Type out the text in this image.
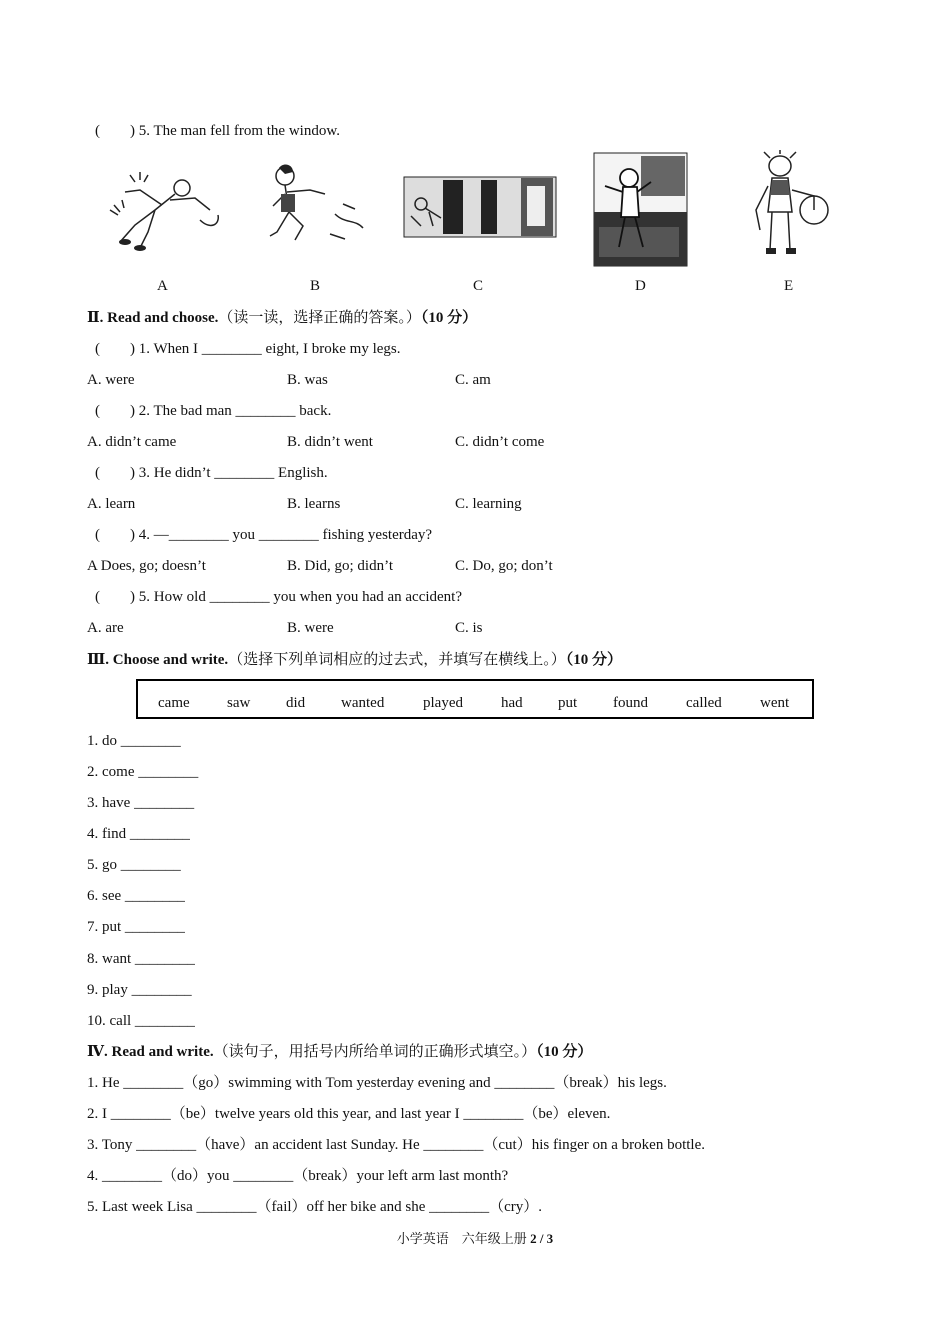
(　　) 5. The man fell from the window.
A	B	C	D	E
Ⅱ. Read and choose.（读一读，选择正确的答案。）（10 分）
(　　) 1. When I ________ eight, I broke my legs.
A. were	B. was	C. am
(　　) 2. The bad man ________ back.
A. didn’t came	B. didn’t went	C. didn’t come
(　　) 3. He didn’t ________ English.
A. learn	B. learns	C. learning
(　　) 4. —________ you ________ fishing yesterday?
A Does, go; doesn’t	B. Did, go; didn’t	C. Do, go; don’t
(　　) 5. How old ________ you when you had an accident?
A. are	B. were	C. is
Ⅲ. Choose and write.（选择下列单词相应的过去式，并填写在横线上。）（10 分）
came saw did wanted	played	had put found	called	went
1. do ________
2. come ________
3. have ________
4. find ________
5. go ________
6. see ________
7. put ________
8. want ________
9. play ________
10. call ________
Ⅳ. Read and write.（读句子，用括号内所给单词的正确形式填空。）（10 分）
1. He ________（go）swimming with Tom yesterday evening and ________（break）his legs.
2. I ________（be）twelve years old this year, and last year I ________（be）eleven.
3. Tony ________（have）an accident last Sunday. He ________（cut）his finger on a broken bottle.
4. ________（do）you ________（break）your left arm last month?
5. Last week Lisa ________（fail）off her bike and she ________（cry）.
小学英语　六年级上册 2 / 3
